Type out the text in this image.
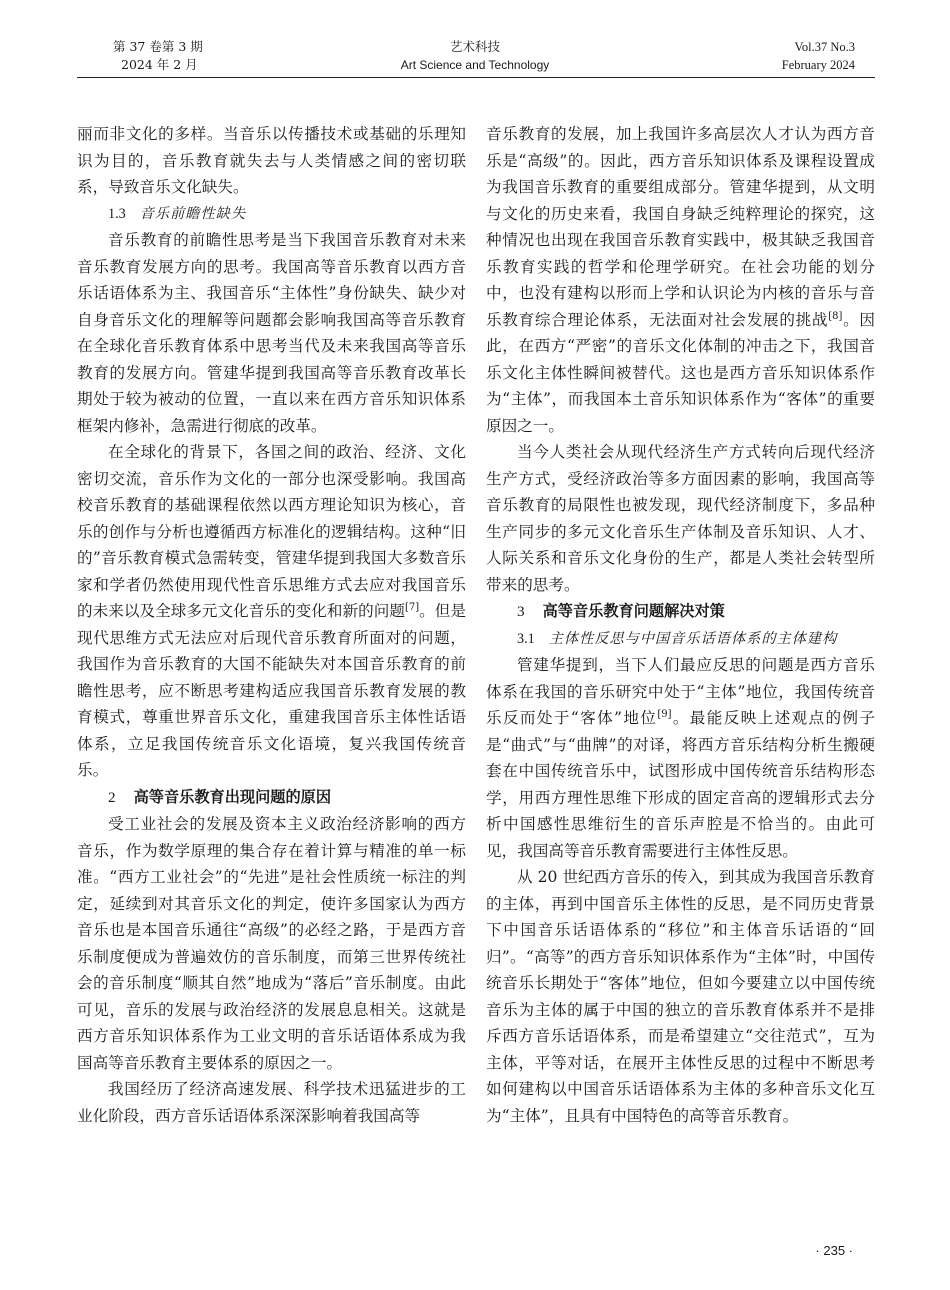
第 37 卷第 3 期
2024 年 2 月
艺术科技
Art Science and Technology
Vol.37 No.3
February 2024

丽而非文化的多样。当音乐以传播技术或基础的乐理知识为目的，音乐教育就失去与人类情感之间的密切联系，导致音乐文化缺失。

1.3 音乐前瞻性缺失

音乐教育的前瞻性思考是当下我国音乐教育对未来音乐教育发展方向的思考。我国高等音乐教育以西方音乐话语体系为主、我国音乐“主体性”身份缺失、缺少对自身音乐文化的理解等问题都会影响我国高等音乐教育在全球化音乐教育体系中思考当代及未来我国高等音乐教育的发展方向。管建华提到我国高等音乐教育改革长期处于较为被动的位置，一直以来在西方音乐知识体系框架内修补，急需进行彻底的改革。

在全球化的背景下，各国之间的政治、经济、文化密切交流，音乐作为文化的一部分也深受影响。我国高校音乐教育的基础课程依然以西方理论知识为核心，音乐的创作与分析也遵循西方标准化的逻辑结构。这种“旧的”音乐教育模式急需转变，管建华提到我国大多数音乐家和学者仍然使用现代性音乐思维方式去应对我国音乐的未来以及全球多元文化音乐的变化和新的问题[7]。但是现代思维方式无法应对后现代音乐教育所面对的问题，我国作为音乐教育的大国不能缺失对本国音乐教育的前瞻性思考，应不断思考建构适应我国音乐教育发展的教育模式，尊重世界音乐文化，重建我国音乐主体性话语体系，立足我国传统音乐文化语境，复兴我国传统音乐。

2 高等音乐教育出现问题的原因

受工业社会的发展及资本主义政治经济影响的西方音乐，作为数学原理的集合存在着计算与精准的单一标准。“西方工业社会”的“先进”是社会性质统一标注的判定，延续到对其音乐文化的判定，使许多国家认为西方音乐也是本国音乐通往“高级”的必经之路，于是西方音乐制度便成为普遍效仿的音乐制度，而第三世界传统社会的音乐制度“顺其自然”地成为“落后”音乐制度。由此可见，音乐的发展与政治经济的发展息息相关。这就是西方音乐知识体系作为工业文明的音乐话语体系成为我国高等音乐教育主要体系的原因之一。

我国经历了经济高速发展、科学技术迅猛进步的工业化阶段，西方音乐话语体系深深影响着我国高等

音乐教育的发展，加上我国许多高层次人才认为西方音乐是“高级”的。因此，西方音乐知识体系及课程设置成为我国音乐教育的重要组成部分。管建华提到，从文明与文化的历史来看，我国自身缺乏纯粹理论的探究，这种情况也出现在我国音乐教育实践中，极其缺乏我国音乐教育实践的哲学和伦理学研究。在社会功能的划分中，也没有建构以形而上学和认识论为内核的音乐与音乐教育综合理论体系，无法面对社会发展的挑战[8]。因此，在西方“严密”的音乐文化体制的冲击之下，我国音乐文化主体性瞬间被替代。这也是西方音乐知识体系作为“主体”，而我国本土音乐知识体系作为“客体”的重要原因之一。

当今人类社会从现代经济生产方式转向后现代经济生产方式，受经济政治等多方面因素的影响，我国高等音乐教育的局限性也被发现，现代经济制度下，多品种生产同步的多元文化音乐生产体制及音乐知识、人才、人际关系和音乐文化身份的生产，都是人类社会转型所带来的思考。

3 高等音乐教育问题解决对策
3.1 主体性反思与中国音乐话语体系的主体建构

管建华提到，当下人们最应反思的问题是西方音乐体系在我国的音乐研究中处于“主体”地位，我国传统音乐反而处于“客体”地位[9]。最能反映上述观点的例子是“曲式”与“曲牌”的对译，将西方音乐结构分析生搬硬套在中国传统音乐中，试图形成中国传统音乐结构形态学，用西方理性思维下形成的固定音高的逻辑形式去分析中国感性思维衍生的音乐声腔是不恰当的。由此可见，我国高等音乐教育需要进行主体性反思。

从 20 世纪西方音乐的传入，到其成为我国音乐教育的主体，再到中国音乐主体性的反思，是不同历史背景下中国音乐话语体系的“移位”和主体音乐话语的“回归”。“高等”的西方音乐知识体系作为“主体”时，中国传统音乐长期处于“客体”地位，但如今要建立以中国传统音乐为主体的属于中国的独立的音乐教育体系并不是排斥西方音乐话语体系，而是希望建立“交往范式”，互为主体，平等对话，在展开主体性反思的过程中不断思考如何建构以中国音乐话语体系为主体的多种音乐文化互为“主体”，且具有中国特色的高等音乐教育。

· 235 ·
